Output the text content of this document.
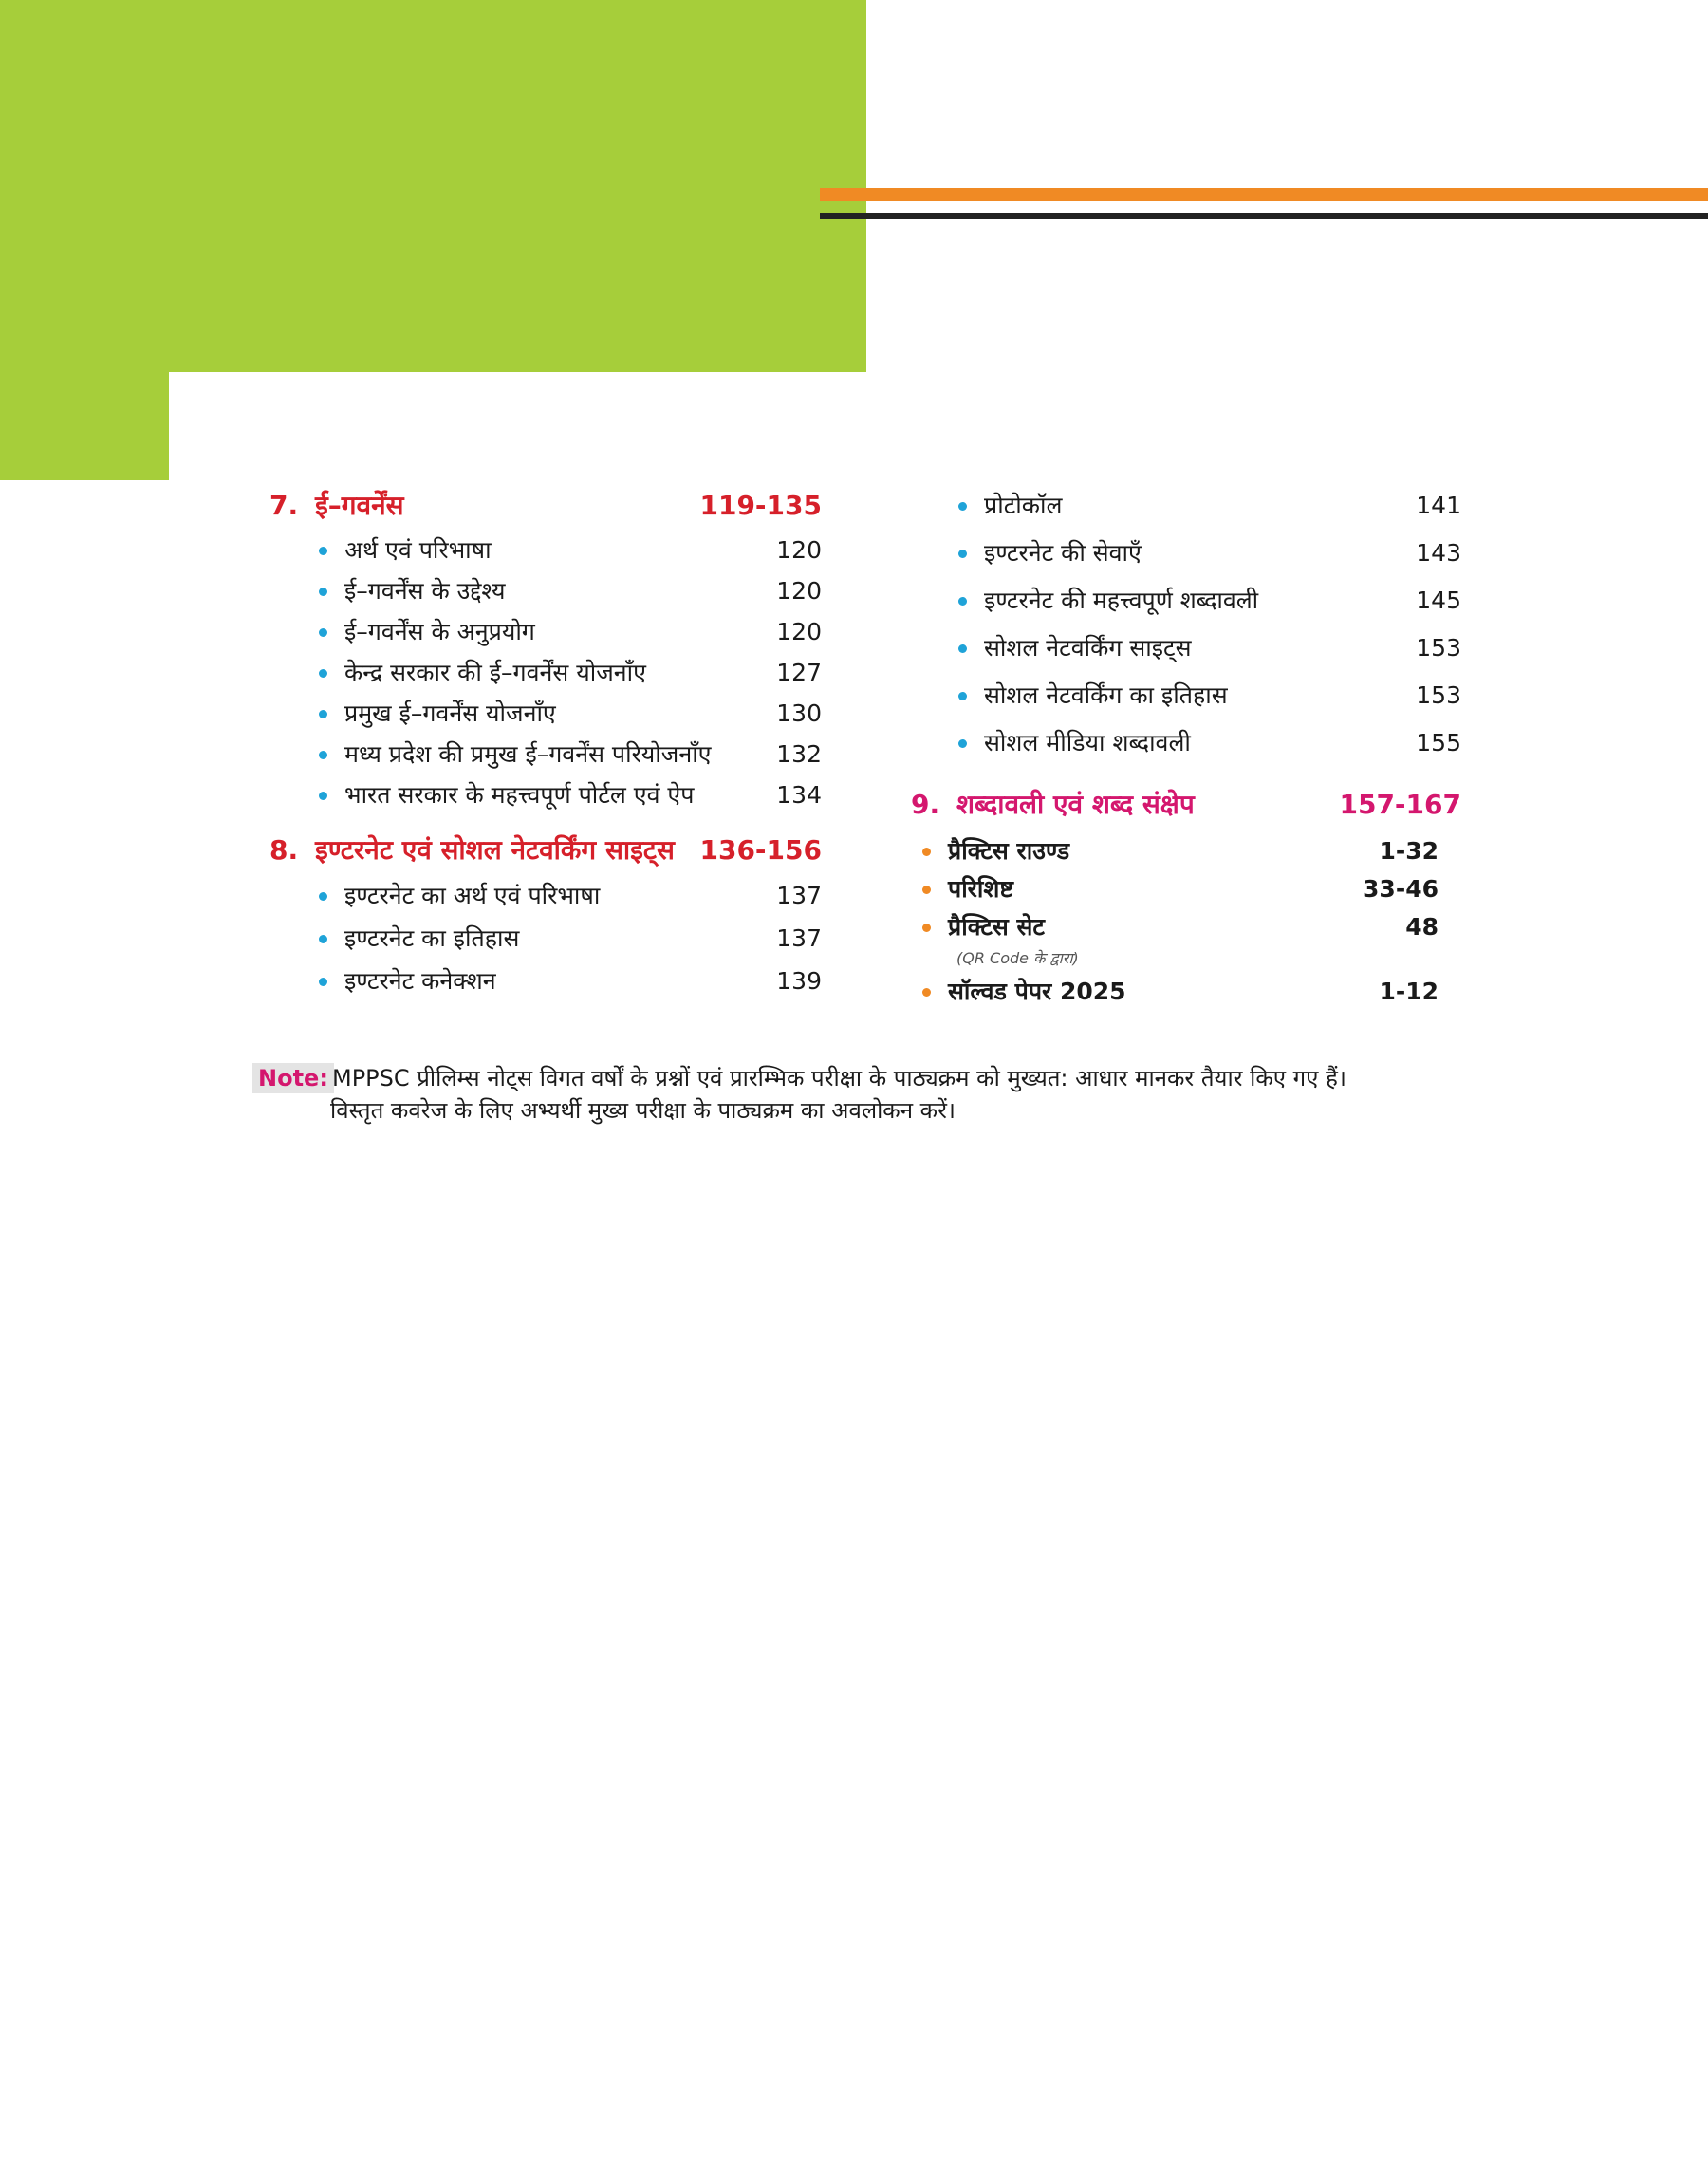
7. ई–गवर्नेंस	119-135
अर्थ एवं परिभाषा	120
ई–गवर्नेंस के उद्देश्य	120
ई–गवर्नेंस के अनुप्रयोग	120
केन्द्र सरकार की ई–गवर्नेंस योजनाँए	127
प्रमुख ई–गवर्नेंस योजनाँए	130
मध्य प्रदेश की प्रमुख ई–गवर्नेंस परियोजनाँए	132
भारत सरकार के महत्त्वपूर्ण पोर्टल एवं ऐप	134
8. इण्टरनेट एवं सोशल नेटवर्किंग साइट्स 136-156
इण्टरनेट का अर्थ एवं परिभाषा	137
इण्टरनेट का इतिहास	137
इण्टरनेट कनेक्शन	139
प्रोटोकॉल	141
इण्टरनेट की सेवाएँ	143
इण्टरनेट की महत्त्वपूर्ण शब्दावली	145
सोशल नेटवर्किंग साइट्स	153
सोशल नेटवर्किंग का इतिहास	153
सोशल मीडिया शब्दावली	155
9. शब्दावली एवं शब्द संक्षेप	157-167
प्रैक्टिस राउण्ड	1-32
परिशिष्ट	33-46
प्रैक्टिस सेट	48
(QR Code के द्वारा)
सॉल्वड पेपर 2025	1-12
Note: MPPSC प्रीलिम्स नोट्स विगत वर्षों के प्रश्नों एवं प्रारम्भिक परीक्षा के पाठ्यक्रम को मुख्यत: आधार मानकर तैयार किए गए हैं।
विस्तृत कवरेज के लिए अभ्यर्थी मुख्य परीक्षा के पाठ्यक्रम का अवलोकन करें।
